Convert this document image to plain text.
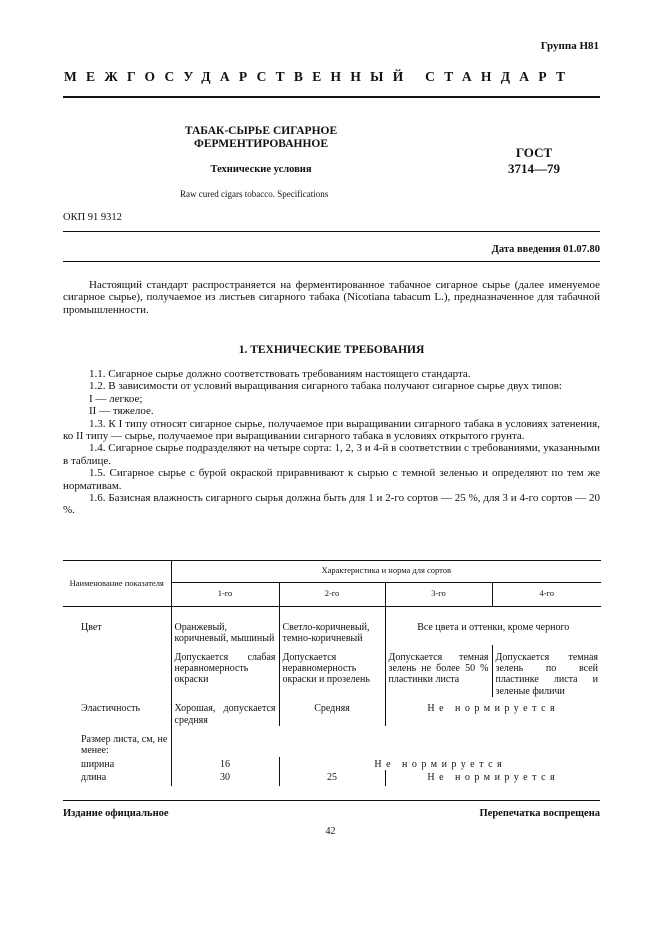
Группа Н81
МЕЖГОСУДАРСТВЕННЫЙ СТАНДАРТ
ТАБАК-СЫРЬЕ СИГАРНОЕ
ФЕРМЕНТИРОВАННОЕ
Технические условия
Raw cured cigars tobacco. Specifications
ГОСТ
3714—79
ОКП 91 9312
Дата введения 01.07.80
Настоящий стандарт распространяется на ферментированное табачное сигарное сырье (далее именуемое сигарное сырье), получаемое из листьев сигарного табака (Nicotiana tabacum L.), предназначенное для табачной промышленности.
1. ТЕХНИЧЕСКИЕ ТРЕБОВАНИЯ
1.1. Сигарное сырье должно соответствовать требованиям настоящего стандарта.
1.2. В зависимости от условий выращивания сигарного табака получают сигарное сырье двух типов:
I — легкое;
II — тяжелое.
1.3. К I типу относят сигарное сырье, получаемое при выращивании сигарного табака в условиях затенения, ко II типу — сырье, получаемое при выращивании сигарного табака в условиях открытого грунта.
1.4. Сигарное сырье подразделяют на четыре сорта: 1, 2, 3 и 4-й в соответствии с требованиями, указанными в таблице.
1.5. Сигарное сырье с бурой окраской приравнивают к сырью с темной зеленью и определяют по тем же нормативам.
1.6. Базисная влажность сигарного сырья должна быть для 1 и 2-го сортов — 25 %, для 3 и 4-го сортов — 20 %.
Наименование показателя	Характеристика и норма для сортов			
	1-го	2-го	3-го	4-го
Цвет	Оранжевый, коричневый, мышиный	Светло-коричневый, темно-коричневый	Все цвета и оттенки, кроме черного	
	Допускается слабая неравномерность окраски	Допускается неравномерность окраски и прозелень	Допускается темная зелень не более 50 % пластинки листа	Допускается темная зелень по всей пластинке листа и зеленые филичи
Эластичность	Хорошая, допускается средняя	Средняя	Не нормируется	
Размер листа, см, не менее:				
ширина	16	Не нормируется		
длина	30	25	Не нормируется	
Издание официальное	Перепечатка воспрещена
42
